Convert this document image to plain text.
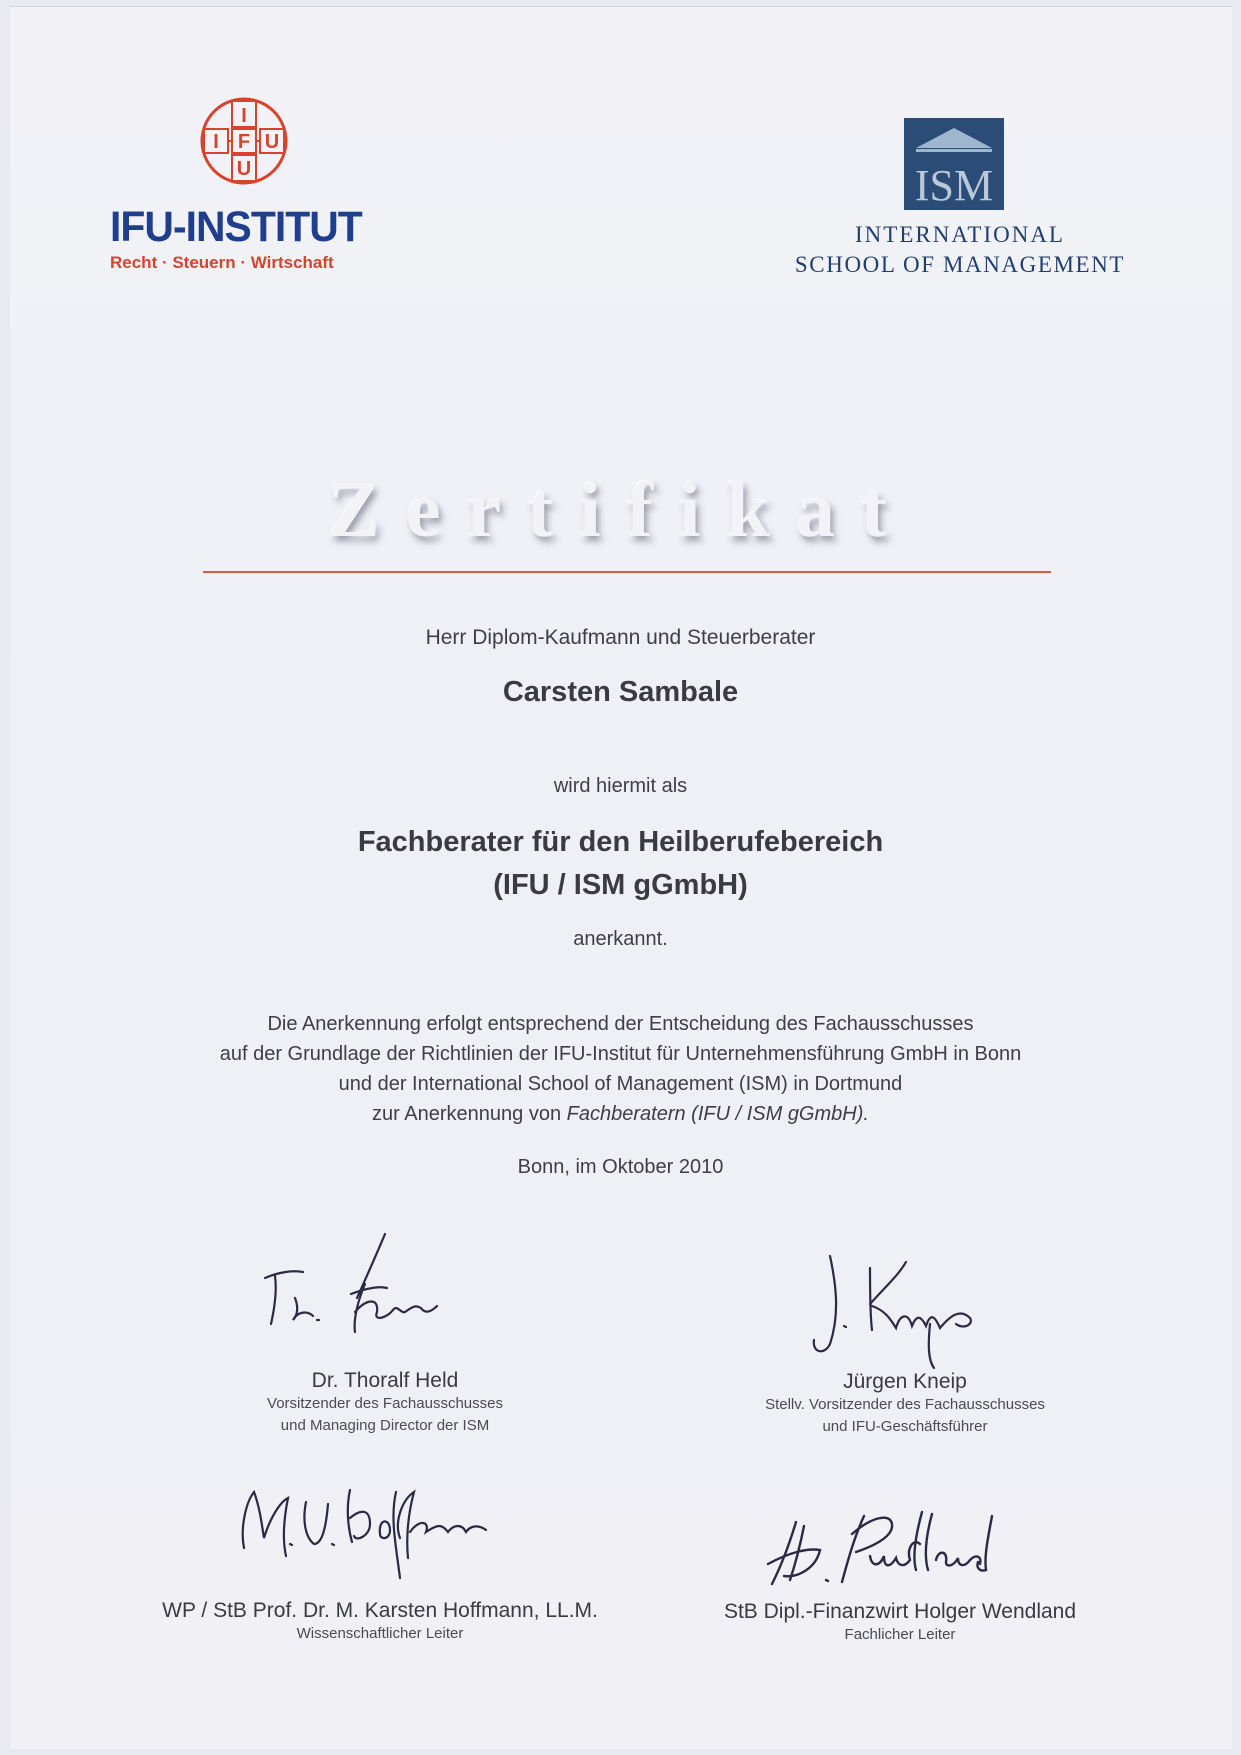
I
I F U
U
IFU-INSTITUT
Recht · Steuern · Wirtschaft
ISM
INTERNATIONAL
SCHOOL OF MANAGEMENT
Zertifikat
Herr Diplom-Kaufmann und Steuerberater
Carsten Sambale
wird hiermit als
Fachberater für den Heilberufebereich
(IFU / ISM gGmbH)
anerkannt.
Die Anerkennung erfolgt entsprechend der Entscheidung des Fachausschusses
auf der Grundlage der Richtlinien der IFU-Institut für Unternehmensführung GmbH in Bonn
und der International School of Management (ISM) in Dortmund
zur Anerkennung von Fachberatern (IFU / ISM gGmbH).
Bonn, im Oktober 2010
Dr. Thoralf Held
Vorsitzender des Fachausschusses
und Managing Director der ISM
Jürgen Kneip
Stellv. Vorsitzender des Fachausschusses
und IFU-Geschäftsführer
WP / StB Prof. Dr. M. Karsten Hoffmann, LL.M.
Wissenschaftlicher Leiter
StB Dipl.-Finanzwirt Holger Wendland
Fachlicher Leiter
